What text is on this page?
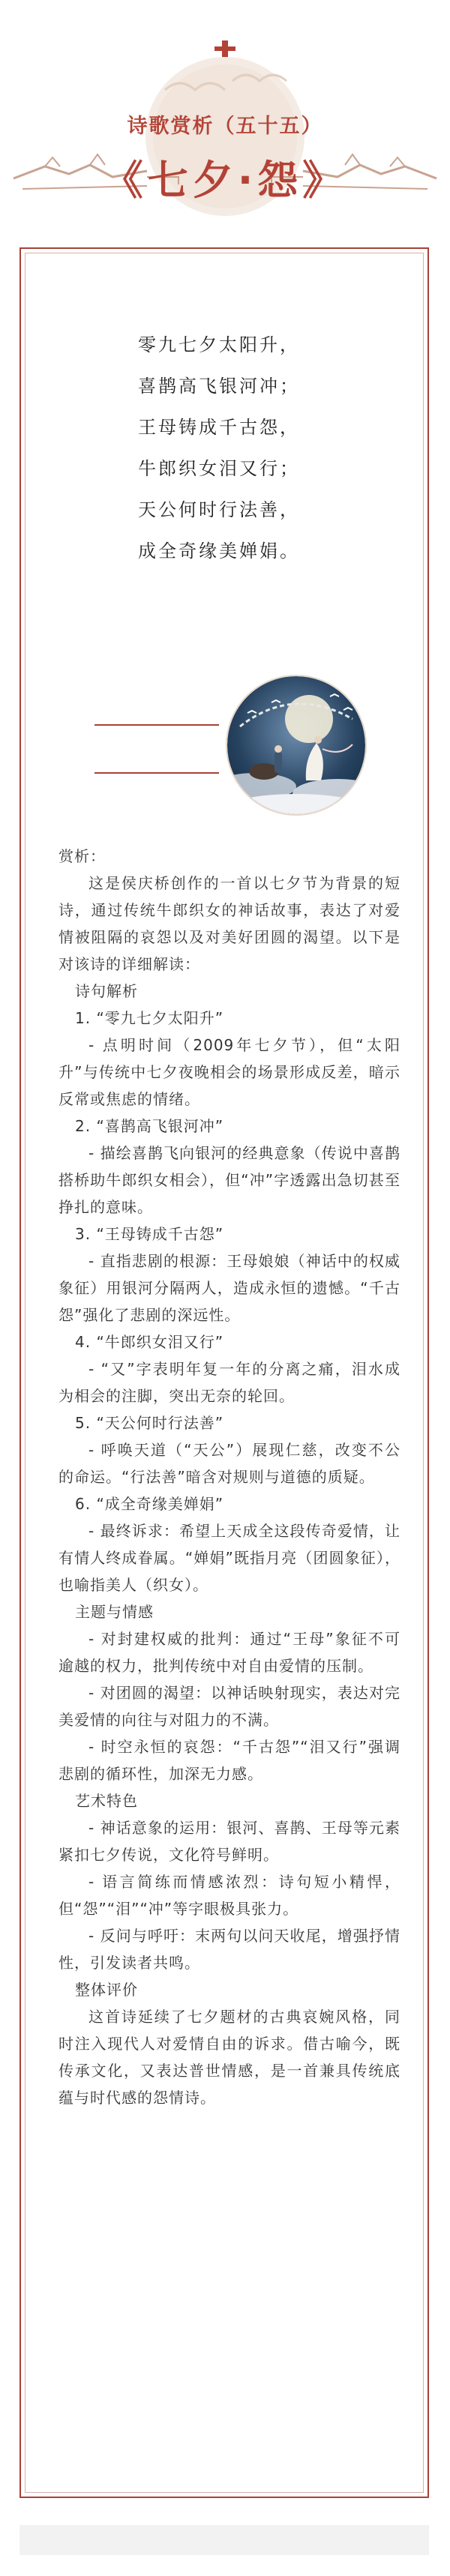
诗歌赏析（五十五）
《七夕·怨》
零九七夕太阳升，
喜鹊高飞银河冲；
王母铸成千古怨，
牛郎织女泪又行；
天公何时行法善，
成全奇缘美婵娟。

赏析：

这是侯庆桥创作的一首以七夕节为背景的短诗，通过传统牛郎织女的神话故事，表达了对爱情被阻隔的哀怨以及对美好团圆的渴望。以下是对该诗的详细解读：

诗句解析

1. “零九七夕太阳升”

- 点明时间（2009年七夕节），但“太阳升”与传统中七夕夜晚相会的场景形成反差，暗示反常或焦虑的情绪。

2. “喜鹊高飞银河冲”

- 描绘喜鹊飞向银河的经典意象（传说中喜鹊搭桥助牛郎织女相会），但“冲”字透露出急切甚至挣扎的意味。

3. “王母铸成千古怨”

- 直指悲剧的根源：王母娘娘（神话中的权威象征）用银河分隔两人，造成永恒的遗憾。“千古怨”强化了悲剧的深远性。

4. “牛郎织女泪又行”

- “又”字表明年复一年的分离之痛，泪水成为相会的注脚，突出无奈的轮回。

5. “天公何时行法善”

- 呼唤天道（“天公”）展现仁慈，改变不公的命运。“行法善”暗含对规则与道德的质疑。

6. “成全奇缘美婵娟”

- 最终诉求：希望上天成全这段传奇爱情，让有情人终成眷属。“婵娟”既指月亮（团圆象征），也喻指美人（织女）。

主题与情感

- 对封建权威的批判：通过“王母”象征不可逾越的权力，批判传统中对自由爱情的压制。

- 对团圆的渴望：以神话映射现实，表达对完美爱情的向往与对阻力的不满。

- 时空永恒的哀怨：“千古怨”“泪又行”强调悲剧的循环性，加深无力感。

艺术特色

- 神话意象的运用：银河、喜鹊、王母等元素紧扣七夕传说，文化符号鲜明。

- 语言简练而情感浓烈：诗句短小精悍，但“怨”“泪”“冲”等字眼极具张力。

- 反问与呼吁：末两句以问天收尾，增强抒情性，引发读者共鸣。

整体评价

这首诗延续了七夕题材的古典哀婉风格，同时注入现代人对爱情自由的诉求。借古喻今，既传承文化，又表达普世情感，是一首兼具传统底蕴与时代感的怨情诗。
